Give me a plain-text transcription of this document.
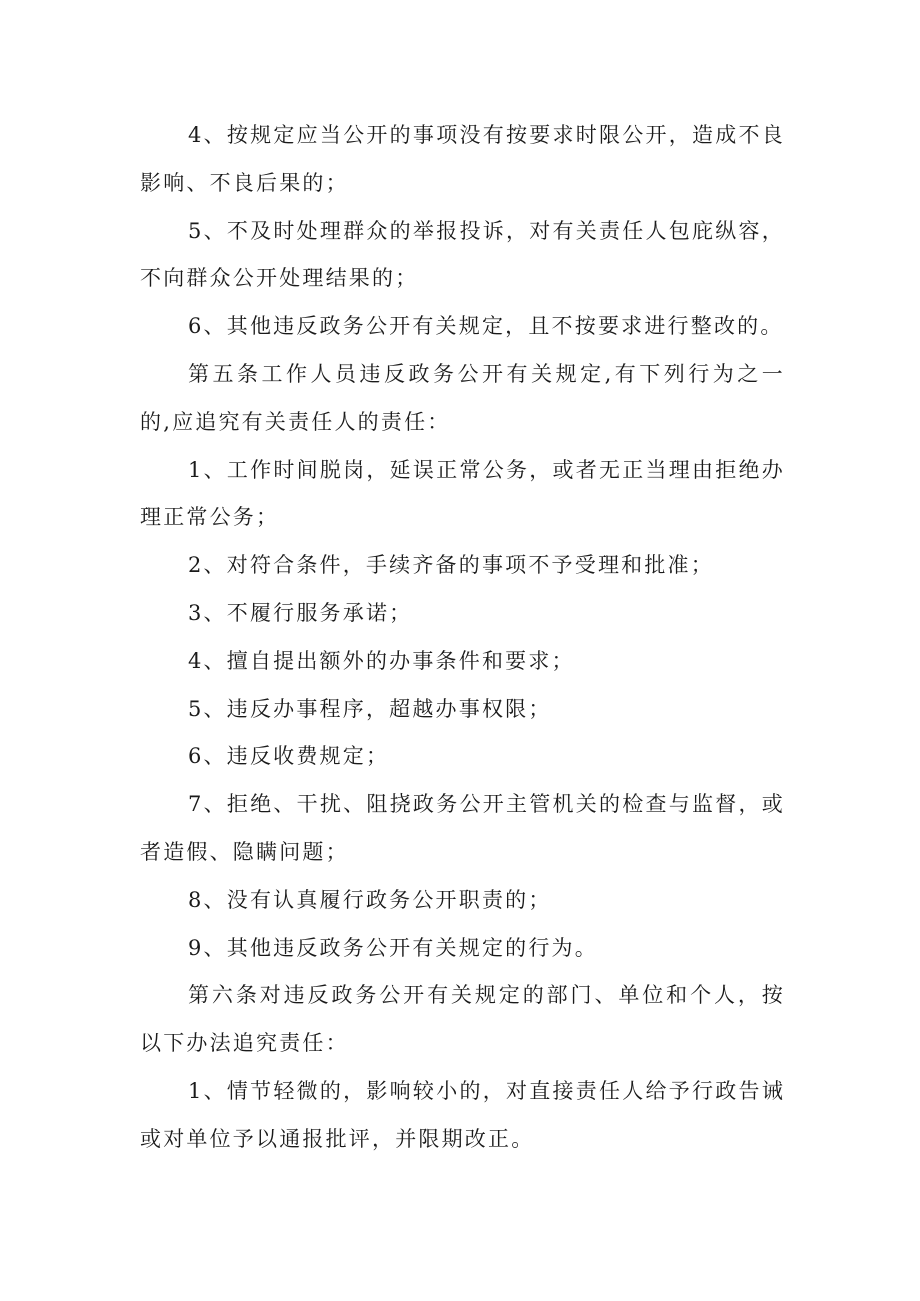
4、按规定应当公开的事项没有按要求时限公开，造成不良影响、不良后果的；

5、不及时处理群众的举报投诉，对有关责任人包庇纵容，不向群众公开处理结果的；

6、其他违反政务公开有关规定，且不按要求进行整改的。

第五条工作人员违反政务公开有关规定,有下列行为之一的,应追究有关责任人的责任：

1、工作时间脱岗，延误正常公务，或者无正当理由拒绝办理正常公务；

2、对符合条件，手续齐备的事项不予受理和批准；

3、不履行服务承诺；

4、擅自提出额外的办事条件和要求；

5、违反办事程序，超越办事权限；

6、违反收费规定；

7、拒绝、干扰、阻挠政务公开主管机关的检查与监督，或者造假、隐瞒问题；

8、没有认真履行政务公开职责的；

9、其他违反政务公开有关规定的行为。

第六条对违反政务公开有关规定的部门、单位和个人，按以下办法追究责任：

1、情节轻微的，影响较小的，对直接责任人给予行政告诫或对单位予以通报批评，并限期改正。
